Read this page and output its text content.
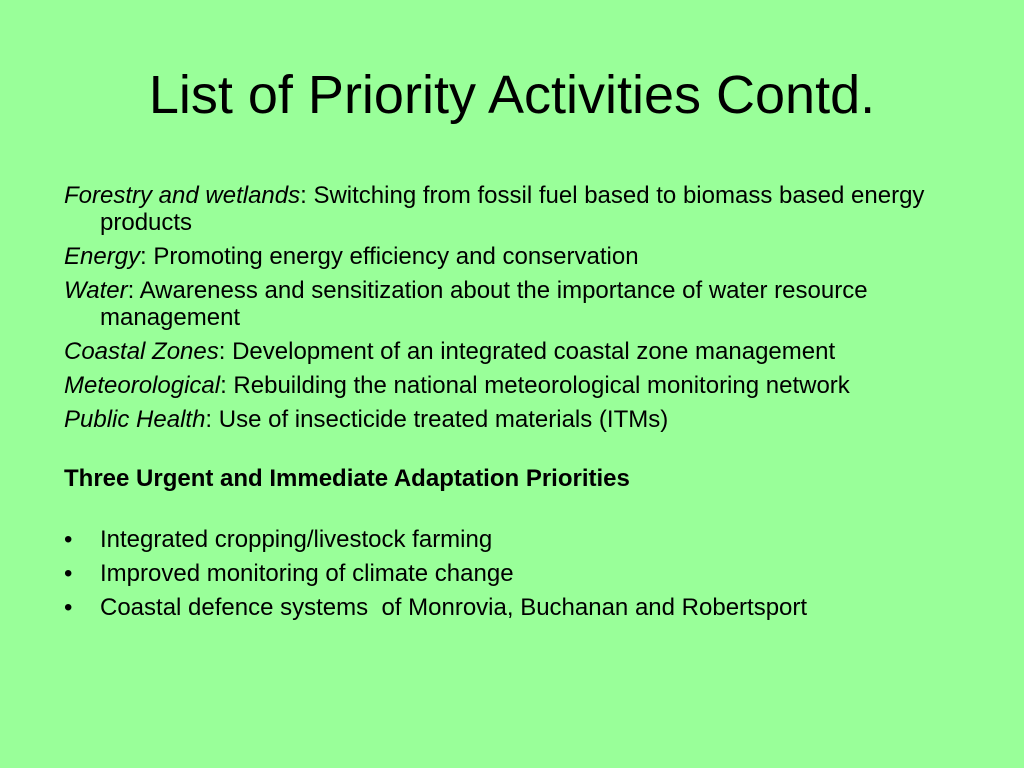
List of Priority Activities Contd.
Forestry and wetlands: Switching from fossil fuel based to biomass based energy products
Energy: Promoting energy efficiency and conservation
Water: Awareness and sensitization about the importance of water resource management
Coastal Zones: Development of an integrated coastal zone management
Meteorological: Rebuilding the national meteorological monitoring network
Public Health: Use of insecticide treated materials (ITMs)
Three Urgent and Immediate Adaptation Priorities
• Integrated cropping/livestock farming
• Improved monitoring of climate change
• Coastal defence systems  of Monrovia, Buchanan and Robertsport
